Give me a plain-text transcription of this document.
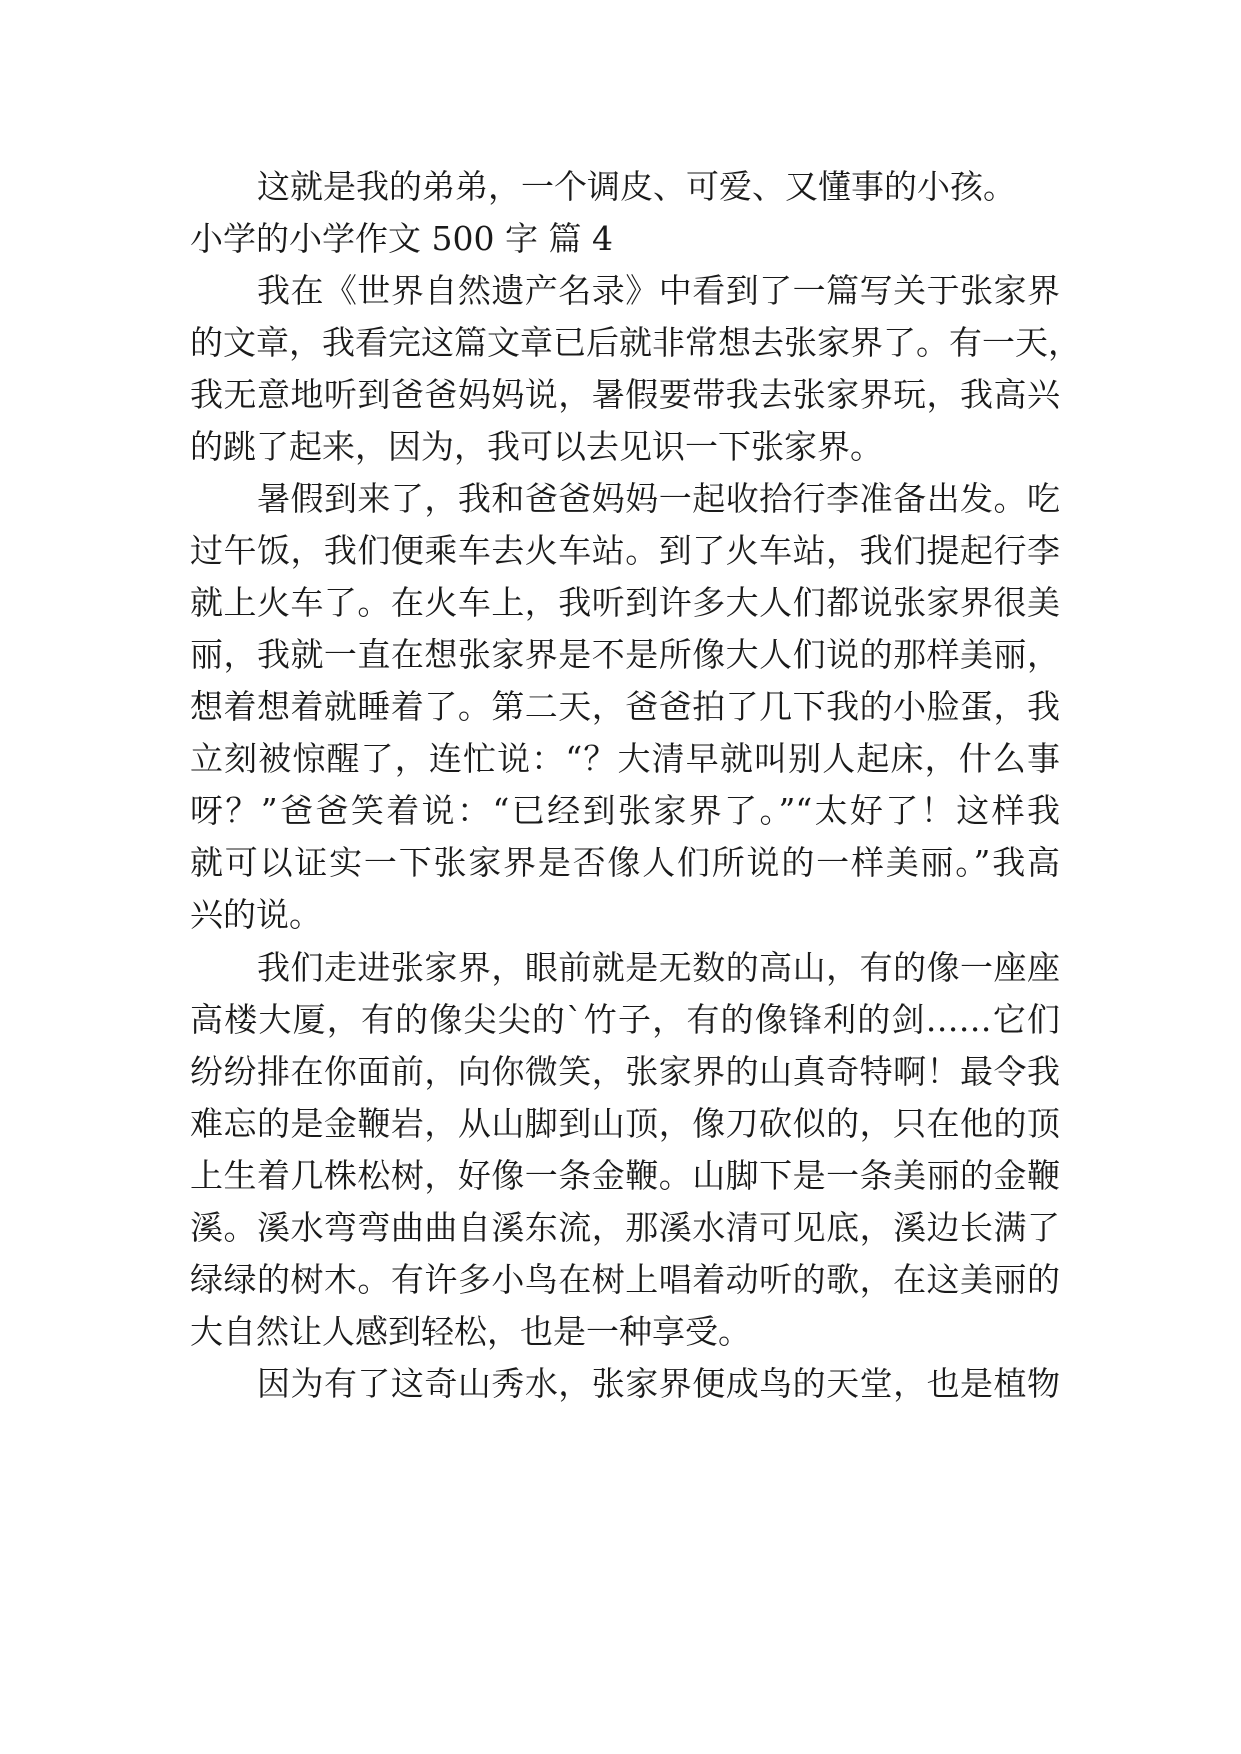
这就是我的弟弟，一个调皮、可爱、又懂事的小孩。
小学的小学作文 500 字 篇 4
我在《世界自然遗产名录》中看到了一篇写关于张家界
的文章，我看完这篇文章已后就非常想去张家界了。有一天，
我无意地听到爸爸妈妈说，暑假要带我去张家界玩，我高兴
的跳了起来，因为，我可以去见识一下张家界。
暑假到来了，我和爸爸妈妈一起收拾行李准备出发。吃
过午饭，我们便乘车去火车站。到了火车站，我们提起行李
就上火车了。在火车上，我听到许多大人们都说张家界很美
丽，我就一直在想张家界是不是所像大人们说的那样美丽，
想着想着就睡着了。第二天，爸爸拍了几下我的小脸蛋，我
立刻被惊醒了，连忙说：“？大清早就叫别人起床，什么事
呀？”爸爸笑着说：“已经到张家界了。”“太好了！这样我
就可以证实一下张家界是否像人们所说的一样美丽。”我高
兴的说。
我们走进张家界，眼前就是无数的高山，有的像一座座
高楼大厦，有的像尖尖的`竹子，有的像锋利的剑……它们
纷纷排在你面前，向你微笑，张家界的山真奇特啊！最令我
难忘的是金鞭岩，从山脚到山顶，像刀砍似的，只在他的顶
上生着几株松树，好像一条金鞭。山脚下是一条美丽的金鞭
溪。溪水弯弯曲曲自溪东流，那溪水清可见底，溪边长满了
绿绿的树木。有许多小鸟在树上唱着动听的歌，在这美丽的
大自然让人感到轻松，也是一种享受。
因为有了这奇山秀水，张家界便成鸟的天堂，也是植物
